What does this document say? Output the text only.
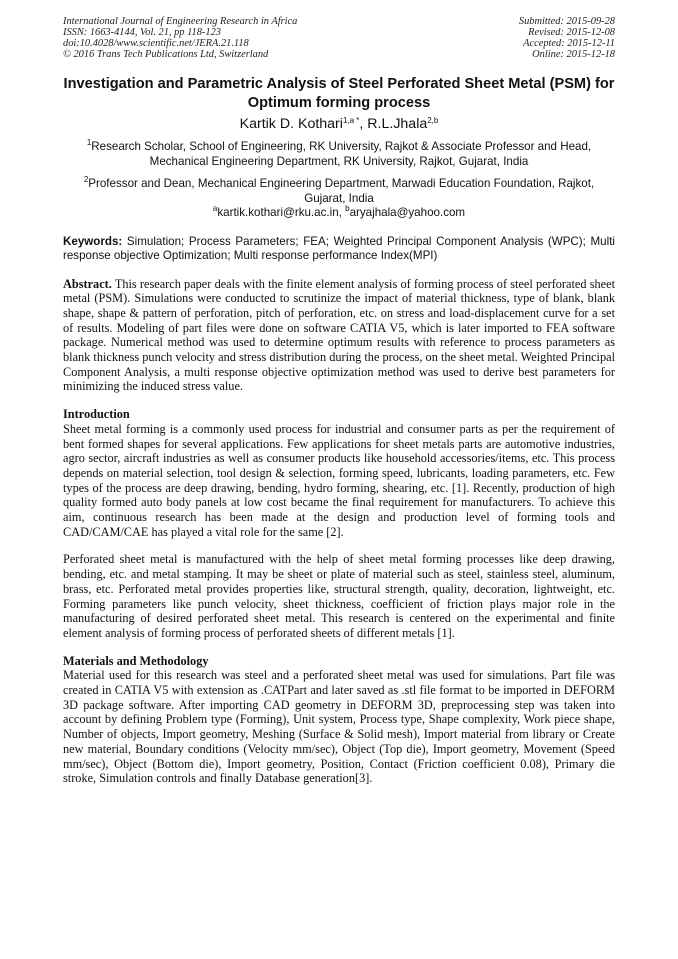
International Journal of Engineering Research in Africa
ISSN: 1663-4144, Vol. 21, pp 118-123
doi:10.4028/www.scientific.net/JERA.21.118
© 2016 Trans Tech Publications Ltd, Switzerland
Submitted: 2015-09-28
Revised: 2015-12-08
Accepted: 2015-12-11
Online: 2015-12-18
Investigation and Parametric Analysis of Steel Perforated Sheet Metal (PSM) for Optimum forming process
Kartik D. Kothari$^{1,a *}$, R.L.Jhala$^{2,b}$
$^1$Research Scholar, School of Engineering, RK University, Rajkot & Associate Professor and Head, Mechanical Engineering Department, RK University, Rajkot, Gujarat, India
$^2$Professor and Dean, Mechanical Engineering Department, Marwadi Education Foundation, Rajkot, Gujarat, India
$^a$kartik.kothari@rku.ac.in, $^b$aryajhala@yahoo.com
Keywords: Simulation; Process Parameters; FEA; Weighted Principal Component Analysis (WPC); Multi response objective Optimization; Multi response performance Index(MPI)

Abstract. This research paper deals with the finite element analysis of forming process of steel perforated sheet metal (PSM). Simulations were conducted to scrutinize the impact of material thickness, type of blank, blank shape, shape & pattern of perforation, pitch of perforation, etc. on stress and load-displacement curve for a set of results. Modeling of part files were done on software CATIA V5, which is later imported to FEA software package. Numerical method was used to determine optimum results with reference to process parameters as blank thickness punch velocity and stress distribution during the process, on the sheet metal. Weighted Principal Component Analysis, a multi response objective optimization method was used to derive best parameters for minimizing the induced stress value.

Introduction

Sheet metal forming is a commonly used process for industrial and consumer parts as per the requirement of bent formed shapes for several applications. Few applications for sheet metals parts are automotive industries, agro sector, aircraft industries as well as consumer products like household accessories/items, etc. This process depends on material selection, tool design & selection, forming speed, lubricants, loading parameters, etc. Few types of the process are deep drawing, bending, hydro forming, shearing, etc. [1]. Recently, production of high quality formed auto body panels at low cost became the final requirement for manufacturers. To achieve this aim, continuous research has been made at the design and production level of forming tools and CAD/CAM/CAE has played a vital role for the same [2].

Perforated sheet metal is manufactured with the help of sheet metal forming processes like deep drawing, bending, etc. and metal stamping. It may be sheet or plate of material such as steel, stainless steel, aluminum, brass, etc. Perforated metal provides properties like, structural strength, quality, decoration, lightweight, etc. Forming parameters like punch velocity, sheet thickness, coefficient of friction plays major role in the manufacturing of desired perforated sheet metal. This research is centered on the experimental and finite element analysis of forming process of perforated sheets of different metals [1].

Materials and Methodology

Material used for this research was steel and a perforated sheet metal was used for simulations. Part file was created in CATIA V5 with extension as .CATPart and later saved as .stl file format to be imported in DEFORM 3D package software. After importing CAD geometry in DEFORM 3D, preprocessing step was taken into account by defining Problem type (Forming), Unit system, Process type, Shape complexity, Work piece shape, Number of objects, Import geometry, Meshing (Surface & Solid mesh), Import material from library or Create new material, Boundary conditions (Velocity mm/sec), Object (Top die), Import geometry, Movement (Speed mm/sec), Object (Bottom die), Import geometry, Position, Contact (Friction coefficient 0.08), Primary die stroke, Simulation controls and finally Database generation[3].
